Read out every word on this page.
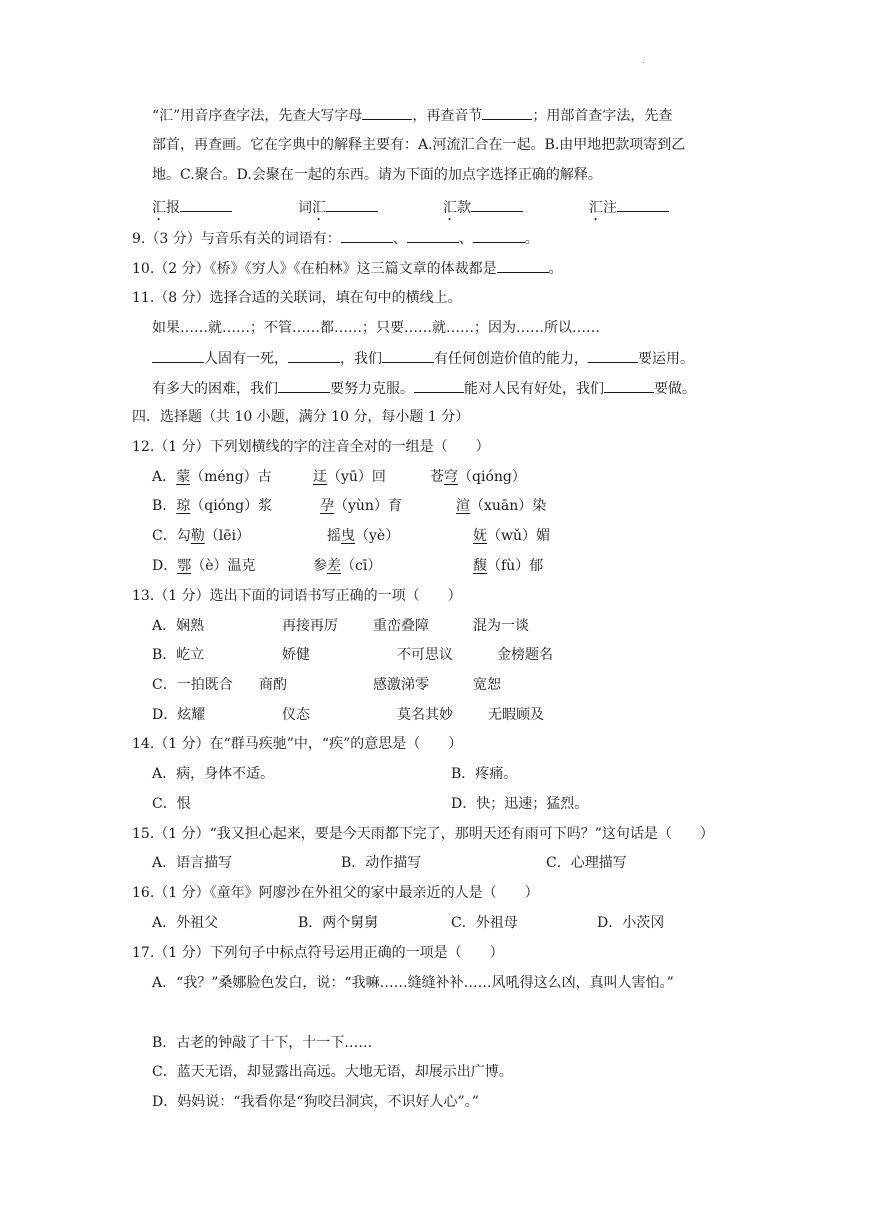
.
“汇”用音序查字法，先查大写字母	，再查音节	；用部首查字法，先查
部首，再查画。它在字典中的解释主要有：A.河流汇合在一起。B.由甲地把款项寄到乙
地。C.聚合。D.会聚在一起的东西。请为下面的加点字选择正确的解释。
汇报	词汇	汇款	汇注
9.（3 分）与音乐有关的词语有：	、	、	。
10.（2 分）《桥》《穷人》《在柏林》这三篇文章的体裁都是	。
11.（8 分）选择合适的关联词，填在句中的横线上。
如果……就……；不管……都……；只要……就……；因为……所以……
人固有一死，	，我们	有任何创造价值的能力，	要运用。
有多大的困难，我们	要努力克服。	能对人民有好处，我们	要做。
四．选择题（共 10 小题，满分 10 分，每小题 1 分）
12.（1 分）下列划横线的字的注音全对的一组是（　　）
A．蒙（méng）古	迂（yū）回	苍穹（qióng）
B．琼（qióng）浆	孕（yùn）育	渲（xuān）染
C．勾勒（lēi）	摇曳（yè）	妩（wǔ）媚
D．鄂（è）温克	参差（cī）	馥（fù）郁
13.（1 分）选出下面的词语书写正确的一项（　　）
A．娴熟	再接再厉	重峦叠障	混为一谈
B．屹立	娇健	不可思议	金榜题名
C．一拍既合 商酌	感激涕零	宽恕
D．炫耀	仪态	莫名其妙	无暇顾及
14.（1 分）在“群马疾驰”中，“疾”的意思是（　　）
A．病，身体不适。	B．疼痛。
C．恨	D．快；迅速；猛烈。
15.（1 分）“我又担心起来，要是今天雨都下完了，那明天还有雨可下吗？”这句话是（　　）
A．语言描写	B．动作描写	C．心理描写
16.（1 分）《童年》阿廖沙在外祖父的家中最亲近的人是（　　）
A．外祖父	B．两个舅舅	C．外祖母	D．小茨冈
17.（1 分）下列句子中标点符号运用正确的一项是（　　）
A．“我？”桑娜脸色发白，说：“我嘛……缝缝补补……风吼得这么凶，真叫人害怕。”
B．古老的钟敲了十下，十一下……
C．蓝天无语，却显露出高远。大地无语，却展示出广博。
D．妈妈说：“我看你是“狗咬吕洞宾，不识好人心”。”
